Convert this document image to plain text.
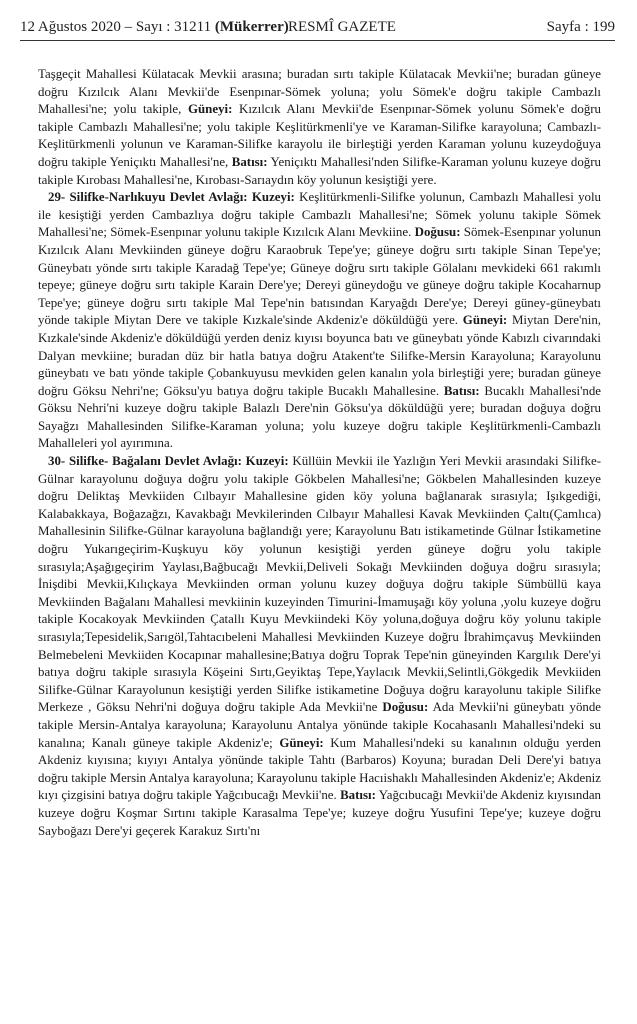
12 Ağustos 2020 – Sayı : 31211 (Mükerrer) RESMÎ GAZETE	Sayfa : 199

Taşgeçit Mahallesi Külatacak Mevkii arasına; buradan sırtı takiple Külatacak Mevkii'ne; buradan güneye doğru Kızılcık Alanı Mevkii'de Esenpınar-Sömek yoluna; yolu Sömek'e doğru takiple Cambazlı Mahallesi'ne; yolu takiple, Güneyi: Kızılcık Alanı Mevkii'de Esenpınar-Sömek yolunu Sömek'e doğru takiple Cambazlı Mahallesi'ne; yolu takiple Keşlitürkmenli'ye ve Karaman-Silifke karayoluna; Cambazlı-Keşlitürkmenli yolunun ve Karaman-Silifke karayolu ile birleştiği yerden Karaman yolunu kuzeydoğuya doğru takiple Yeniçıktı Mahallesi'ne, Batısı: Yeniçıktı Mahallesi'nden Silifke-Karaman yolunu kuzeye doğru takiple Kırobası Mahallesi'ne, Kırobası-Sarıaydın köy yolunun kesiştiği yere.

29- Silifke-Narlıkuyu Devlet Avlağı: Kuzeyi: Keşlitürkmenli-Silifke yolunun, Cambazlı Mahallesi yolu ile kesiştiği yerden Cambazlıya doğru takiple Cambazlı Mahallesi'ne; Sömek yolunu takiple Sömek Mahallesi'ne; Sömek-Esenpınar yolunu takiple Kızılcık Alanı Mevkiine. Doğusu: Sömek-Esenpınar yolunun Kızılcık Alanı Mevkiinden güneye doğru Karaobruk Tepe'ye; güneye doğru sırtı takiple Sinan Tepe'ye; Güneybatı yönde sırtı takiple Karadağ Tepe'ye; Güneye doğru sırtı takiple Gölalanı mevkideki 661 rakımlı tepeye; güneye doğru sırtı takiple Karain Dere'ye; Dereyi güneydoğu ve güneye doğru takiple Kocaharnup Tepe'ye; güneye doğru sırtı takiple Mal Tepe'nin batısından Karyağdı Dere'ye; Dereyi güney-güneybatı yönde takiple Miytan Dere ve takiple Kızkale'sinde Akdeniz'e döküldüğü yere. Güneyi: Miytan Dere'nin, Kızkale'sinde Akdeniz'e döküldüğü yerden deniz kıyısı boyunca batı ve güneybatı yönde Kabızlı civarındaki Dalyan mevkiine; buradan düz bir hatla batıya doğru Atakent'te Silifke-Mersin Karayoluna; Karayolunu güneybatı ve batı yönde takiple Çobankuyusu mevkiden gelen kanalın yola birleştiği yere; buradan güneye doğru Göksu Nehri'ne; Göksu'yu batıya doğru takiple Bucaklı Mahallesine. Batısı: Bucaklı Mahallesi'nde Göksu Nehri'ni kuzeye doğru takiple Balazlı Dere'nin Göksu'ya döküldüğü yere; buradan doğuya doğru Sayağzı Mahallesinden Silifke-Karaman yoluna; yolu kuzeye doğru takiple Keşlitürkmenli-Cambazlı Mahalleleri yol ayırımına.

30- Silifke- Bağalanı Devlet Avlağı: Kuzeyi: Küllüin Mevkii ile Yazlığın Yeri Mevkii arasındaki Silifke-Gülnar karayolunu doğuya doğru yolu takiple Gökbelen Mahallesi'ne; Gökbelen Mahallesinden kuzeye doğru Deliktaş Mevkiiden Cılbayır Mahallesine giden köy yoluna bağlanarak sırasıyla; Işıkgediği, Kalabakkaya, Boğazağzı, Kavakbağı Mevkilerinden Cılbayır Mahallesi Kavak Mevkiinden Çaltı(Çamlıca) Mahallesinin Silifke-Gülnar karayoluna bağlandığı yere; Karayolunu Batı istikametinde Gülnar İstikametine doğru Yukarıgeçirim-Kuşkuyu köy yolunun kesiştiği yerden güneye doğru yolu takiple sırasıyla;Aşağıgeçirim Yaylası,Bağbucağı Mevkii,Deliveli Sokağı Mevkiinden doğuya doğru sırasıyla; İnişdibi Mevkii,Kılıçkaya Mevkiinden orman yolunu kuzey doğuya doğru takiple Sümbüllü kaya Mevkiinden Bağalanı Mahallesi mevkiinin kuzeyinden Timurini-İmamuşağı köy yoluna ,yolu kuzeye doğru takiple Kocakoyak Mevkiinden Çatallı Kuyu Mevkiindeki Köy yoluna,doğuya doğru köy yolunu takiple sırasıyla;Tepesidelik,Sarıgöl,Tahtacıbeleni Mahallesi Mevkiinden Kuzeye doğru İbrahimçavuş Mevkiinden Belmebeleni Mevkiiden Kocapınar mahallesine;Batıya doğru Toprak Tepe'nin güneyinden Kargılık Dere'yi batıya doğru takiple sırasıyla Köşeini Sırtı,Geyiktaş Tepe,Yaylacık Mevkii,Selintli,Gökgedik Mevkiiden Silifke-Gülnar Karayolunun kesiştiği yerden Silifke istikametine Doğuya doğru karayolunu takiple Silifke Merkeze , Göksu Nehri'ni doğuya doğru takiple Ada Mevkii'ne Doğusu: Ada Mevkii'ni güneybatı yönde takiple Mersin-Antalya karayoluna; Karayolunu Antalya yönünde takiple Kocahasanlı Mahallesi'ndeki su kanalına; Kanalı güneye takiple Akdeniz'e; Güneyi: Kum Mahallesi'ndeki su kanalının olduğu yerden Akdeniz kıyısına; kıyıyı Antalya yönünde takiple Tahtı (Barbaros) Koyuna; buradan Deli Dere'yi batıya doğru takiple Mersin Antalya karayoluna; Karayolunu takiple Hacıishaklı Mahallesinden Akdeniz'e; Akdeniz kıyı çizgisini batıya doğru takiple Yağcıbucağı Mevkii'ne. Batısı: Yağcıbucağı Mevkii'de Akdeniz kıyısından kuzeye doğru Koşmar Sırtını takiple Karasalma Tepe'ye; kuzeye doğru Yusufini Tepe'ye; kuzeye doğru Sayboğazı Dere'yi geçerek Karakuz Sırtı'nı
